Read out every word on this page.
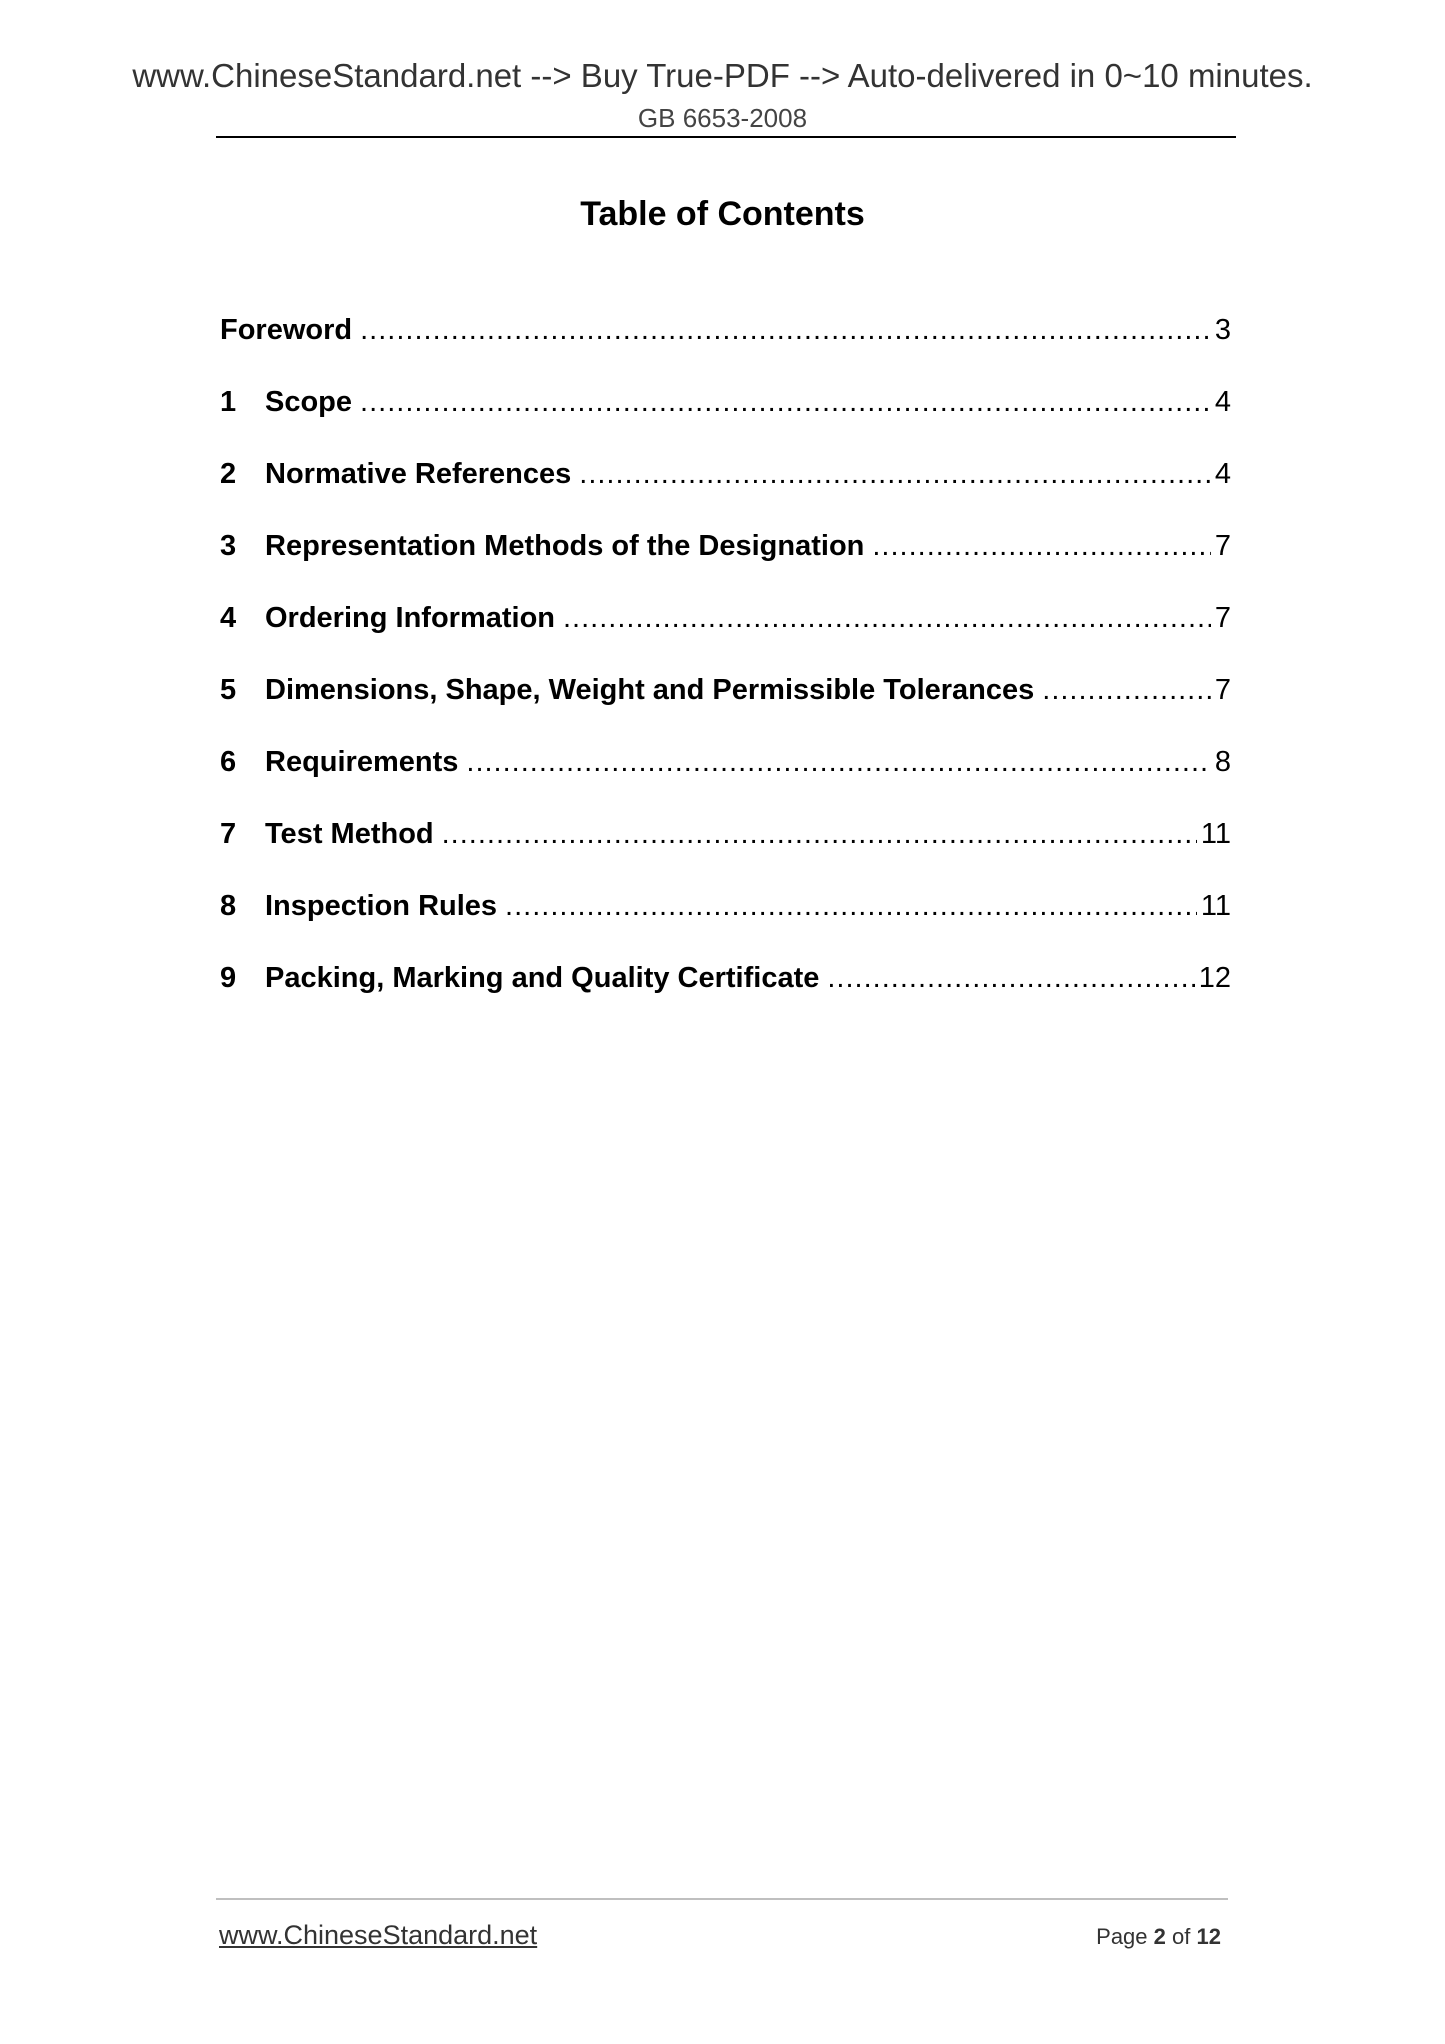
www.ChineseStandard.net --> Buy True-PDF --> Auto-delivered in 0~10 minutes.
GB 6653-2008
Table of Contents
Foreword .....	3
1 Scope .....	4
2 Normative References .....	4
3 Representation Methods of the Designation .....	7
4 Ordering Information .....	7
5 Dimensions, Shape, Weight and Permissible Tolerances .....	7
6 Requirements .....	8
7 Test Method .....	11
8 Inspection Rules .....	11
9 Packing, Marking and Quality Certificate .....	12
www.ChineseStandard.net	Page 2 of 12
